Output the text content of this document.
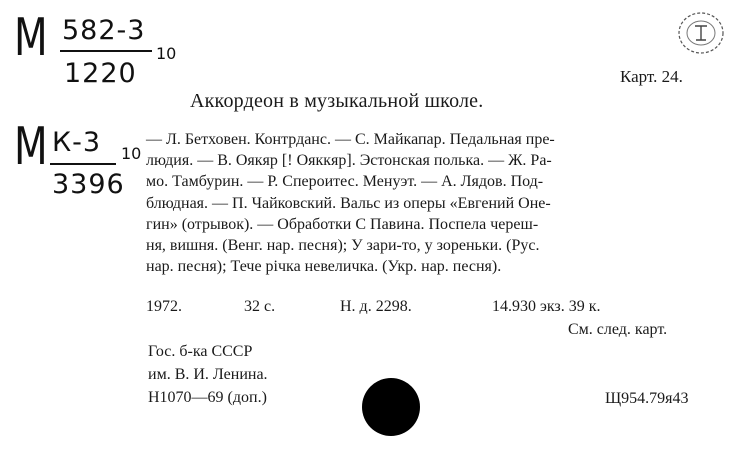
М 582-3
1220
10
М К-3
3396
10
Карт. 24.
Аккордеон в музыкальной школе.
— Л. Бетховен. Контрданс. — С. Майкапар. Педальная пре-
людия. — В. Оякяр [! Ояккяр]. Эстонская полька. — Ж. Ра-
мо. Тамбурин. — Р. Спероитес. Менуэт. — А. Лядов. Под-
блюдная. — П. Чайковский. Вальс из оперы «Евгений Оне-
гин» (отрывок). — Обработки С Павина. Поспела череш-
ня, вишня. (Венг. нар. песня); У зари-то, у зореньки. (Рус.
нар. песня); Тече річка невеличка. (Укр. нар. песня).
1972.	32 с.	Н. д. 2298.	14.930 экз. 39 к.
См. след. карт.
Гос. б-ка СССР
им. В. И. Ленина.
Н1070—69 (доп.)	Щ954.79я43
